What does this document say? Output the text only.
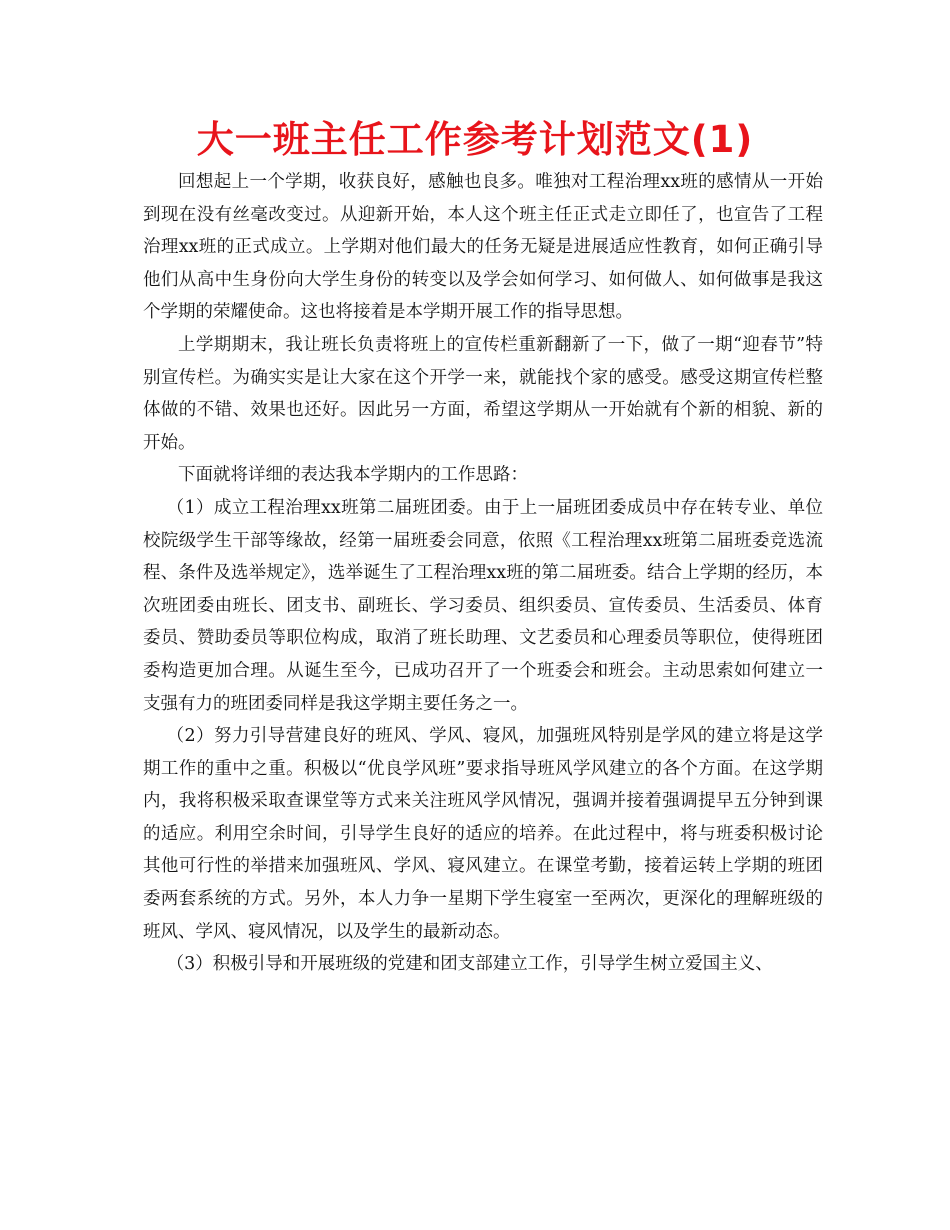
大一班主任工作参考计划范文(1)

回想起上一个学期，收获良好，感触也良多。唯独对工程治理xx班的感情从一开始到现在没有丝毫改变过。从迎新开始，本人这个班主任正式走立即任了，也宣告了工程治理xx班的正式成立。上学期对他们最大的任务无疑是进展适应性教育，如何正确引导他们从高中生身份向大学生身份的转变以及学会如何学习、如何做人、如何做事是我这个学期的荣耀使命。这也将接着是本学期开展工作的指导思想。

上学期期末，我让班长负责将班上的宣传栏重新翻新了一下，做了一期“迎春节”特别宣传栏。为确实实是让大家在这个开学一来，就能找个家的感受。感受这期宣传栏整体做的不错、效果也还好。因此另一方面，希望这学期从一开始就有个新的相貌、新的开始。

下面就将详细的表达我本学期内的工作思路：

（1）成立工程治理xx班第二届班团委。由于上一届班团委成员中存在转专业、单位校院级学生干部等缘故，经第一届班委会同意，依照《工程治理xx班第二届班委竞选流程、条件及选举规定》，选举诞生了工程治理xx班的第二届班委。结合上学期的经历，本次班团委由班长、团支书、副班长、学习委员、组织委员、宣传委员、生活委员、体育委员、赞助委员等职位构成，取消了班长助理、文艺委员和心理委员等职位，使得班团委构造更加合理。从诞生至今，已成功召开了一个班委会和班会。主动思索如何建立一支强有力的班团委同样是我这学期主要任务之一。

（2）努力引导营建良好的班风、学风、寝风，加强班风特别是学风的建立将是这学期工作的重中之重。积极以“优良学风班”要求指导班风学风建立的各个方面。在这学期内，我将积极采取查课堂等方式来关注班风学风情况，强调并接着强调提早五分钟到课的适应。利用空余时间，引导学生良好的适应的培养。在此过程中，将与班委积极讨论其他可行性的举措来加强班风、学风、寝风建立。在课堂考勤，接着运转上学期的班团委两套系统的方式。另外，本人力争一星期下学生寝室一至两次，更深化的理解班级的班风、学风、寝风情况，以及学生的最新动态。

（3）积极引导和开展班级的党建和团支部建立工作，引导学生树立爱国主义、
